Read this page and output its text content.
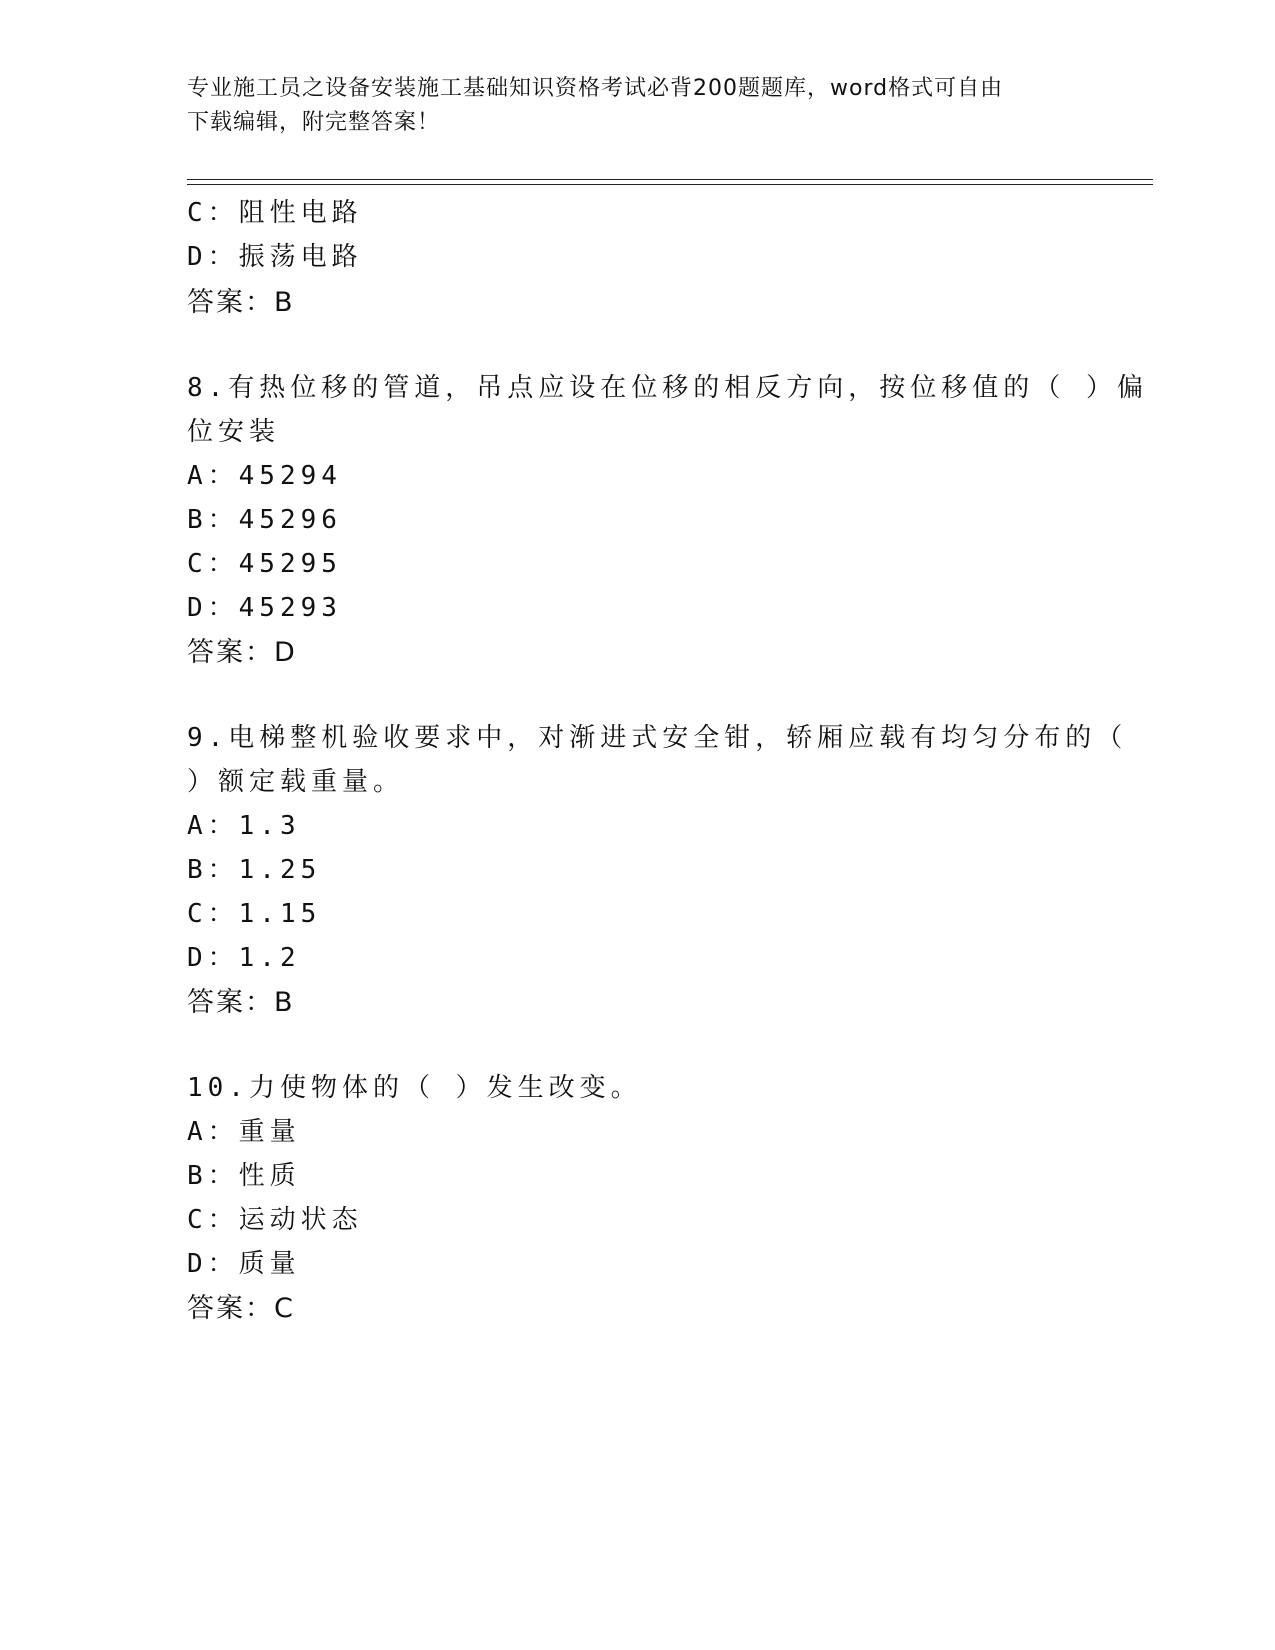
专业施工员之设备安装施工基础知识资格考试必背200题题库，word格式可自由
下载编辑，附完整答案！
C：阻性电路
D：振荡电路
答案：B
8.有热位移的管道，吊点应设在位移的相反方向，按位移值的（ ）偏
位安装
A：45294
B：45296
C：45295
D：45293
答案：D
9.电梯整机验收要求中，对渐进式安全钳，轿厢应载有均匀分布的（
）额定载重量。
A：1.3
B：1.25
C：1.15
D：1.2
答案：B
10.力使物体的（ ）发生改变。
A：重量
B：性质
C：运动状态
D：质量
答案：C
